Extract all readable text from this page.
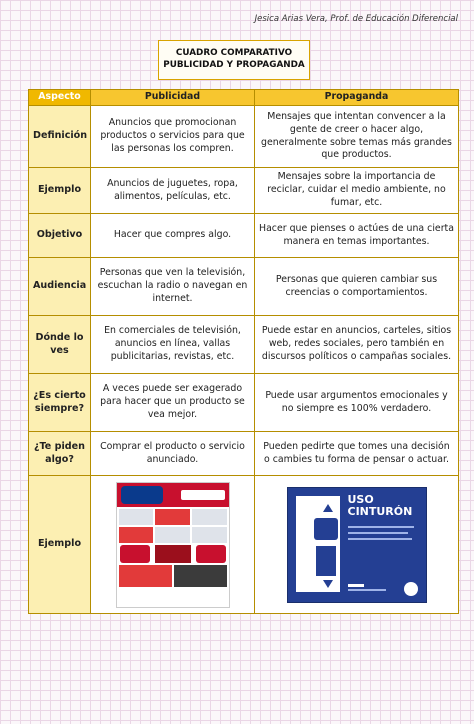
Jesica Arias Vera, Prof. de Educación Diferencial
CUADRO COMPARATIVO
PUBLICIDAD Y PROPAGANDA
Aspecto	Publicidad	Propaganda
Definición	Anuncios que promocionan productos o servicios para que las personas los compren.	Mensajes que intentan convencer a la gente de creer o hacer algo, generalmente sobre temas más grandes que productos.
Ejemplo	Anuncios de juguetes, ropa, alimentos, películas, etc.	Mensajes sobre la importancia de reciclar, cuidar el medio ambiente, no fumar, etc.
Objetivo	Hacer que compres algo.	Hacer que pienses o actúes de una cierta manera en temas importantes.
Audiencia	Personas que ven la televisión, escuchan la radio o navegan en internet.	Personas que quieren cambiar sus creencias o comportamientos.
Dónde lo ves	En comerciales de televisión, anuncios en línea, vallas publicitarias, revistas, etc.	Puede estar en anuncios, carteles, sitios web, redes sociales, pero también en discursos políticos o campañas sociales.
¿Es cierto siempre?	A veces puede ser exagerado para hacer que un producto se vea mejor.	Puede usar argumentos emocionales y no siempre es 100% verdadero.
¿Te piden algo?	Comprar el producto o servicio anunciado.	Pueden pedirte que tomes una decisión o cambies tu forma de pensar o actuar.
Ejemplo		USO
CINTURÓN
